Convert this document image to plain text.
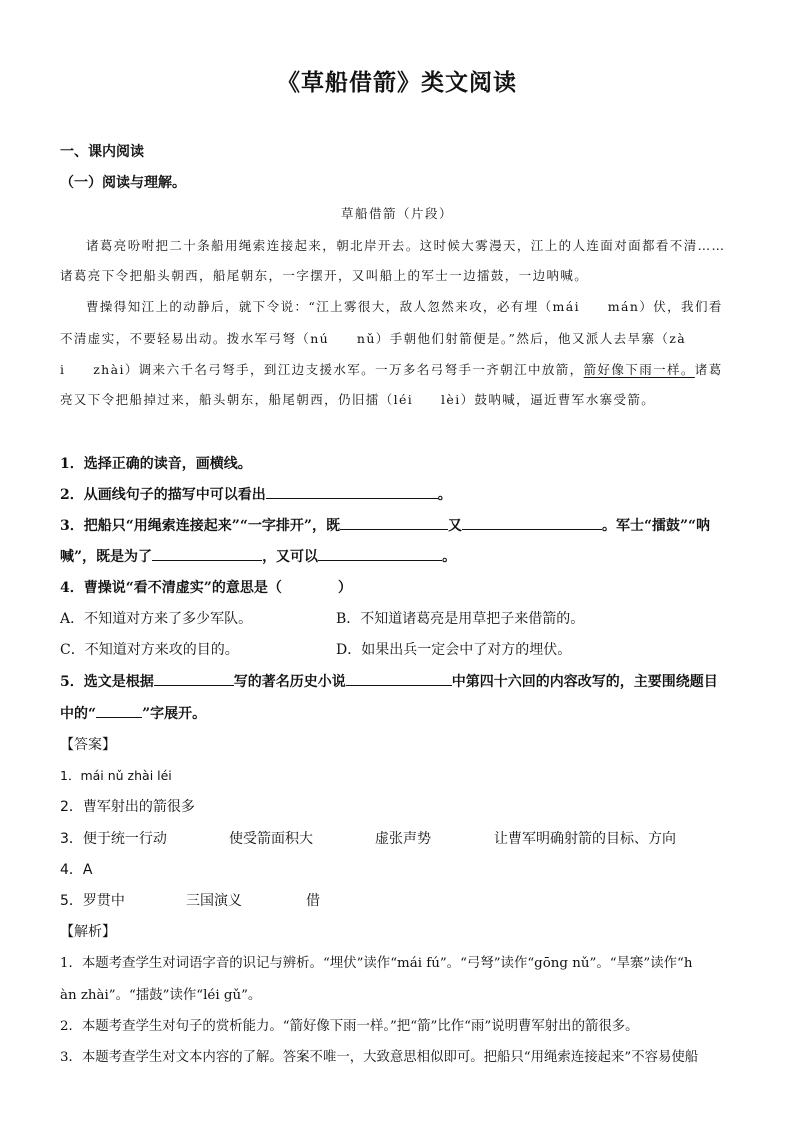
《草船借箭》类文阅读
一、课内阅读
（一）阅读与理解。
草船借箭（片段）
诸葛亮吩咐把二十条船用绳索连接起来，朝北岸开去。这时候大雾漫天，江上的人连面对面都看不清……
诸葛亮下令把船头朝西，船尾朝东，一字摆开，又叫船上的军士一边擂鼓，一边呐喊。
曹操得知江上的动静后，就下令说：“江上雾很大，敌人忽然来攻，必有埋（mái　　mán）伏，我们看
不清虚实，不要轻易出动。拨水军弓弩（nú　　nǔ）手朝他们射箭便是。”然后，他又派人去旱寨（zà
i　　zhài）调来六千名弓弩手，到江边支援水军。一万多名弓弩手一齐朝江中放箭，箭好像下雨一样。诸葛
亮又下令把船掉过来，船头朝东，船尾朝西，仍旧擂（léi　　lèi）鼓呐喊，逼近曹军水寨受箭。
1．选择正确的读音，画横线。
2．从画线句子的描写中可以看出	。
3．把船只“用绳索连接起来”“一字排开”，既	又	。军士“擂鼓”“呐
喊”，既是为了	，又可以	。
4．曹操说“看不清虚实”的意思是（　　　　）
A．不知道对方来了多少军队。	B．不知道诸葛亮是用草把子来借箭的。
C．不知道对方来攻的目的。	D．如果出兵一定会中了对方的埋伏。
5．选文是根据	写的著名历史小说	中第四十六回的内容改写的，主要围绕题目
中的“	”字展开。
【答案】
1．mái nǔ zhài léi
2．曹军射出的箭很多
3．便于统一行动	使受箭面积大	虚张声势	让曹军明确射箭的目标、方向
4．A
5．罗贯中	三国演义	借
【解析】
1．本题考查学生对词语字音的识记与辨析。“埋伏”读作“mái fú”。“弓弩”读作“gōng nǔ”。“旱寨”读作“h
àn zhài”。“擂鼓”读作“léi gǔ”。
2．本题考查学生对句子的赏析能力。“箭好像下雨一样。”把“箭”比作“雨”说明曹军射出的箭很多。
3．本题考查学生对文本内容的了解。答案不唯一，大致意思相似即可。把船只“用绳索连接起来”不容易使船
